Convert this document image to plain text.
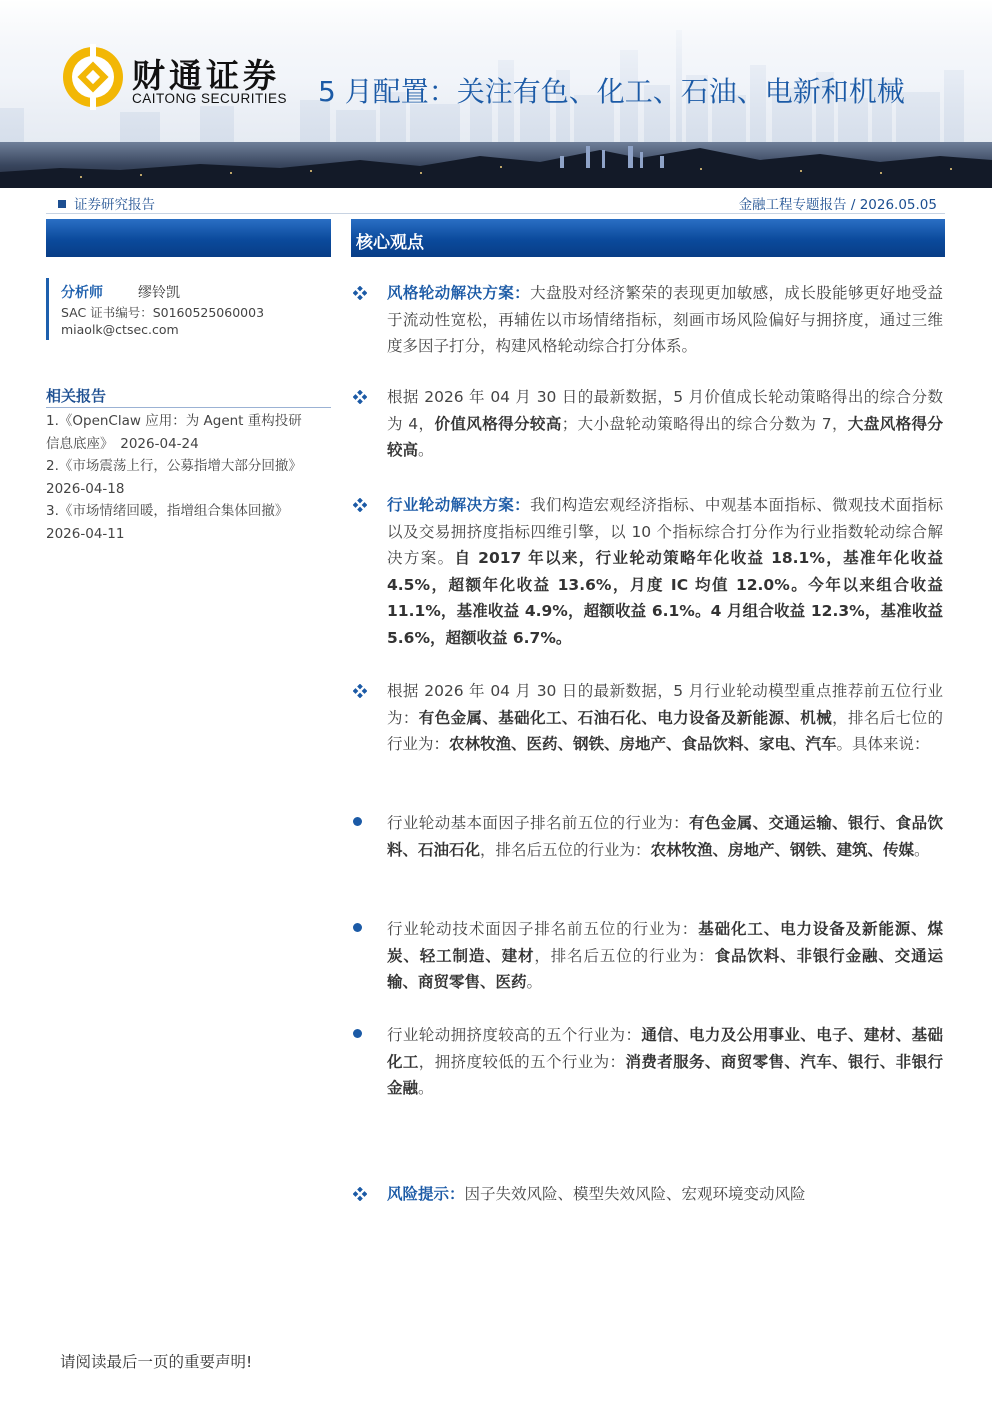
财通证券
CAITONG SECURITIES 5 月配置：关注有色、化工、石油、电新和机械
证券研究报告	金融工程专题报告 / 2026.05.05
分析师	缪铃凯
SAC 证书编号：S0160525060003
miaolk@ctsec.com
相关报告
1.《OpenClaw 应用：为 Agent 重构投研
信息底座》　2026-04-24
2.《市场震荡上行，公募指增大部分回撤》
2026-04-18
3.《市场情绪回暖，指增组合集体回撤》
2026-04-11
核心观点
风格轮动解决方案：大盘股对经济繁荣的表现更加敏感，成长股能够更好地受益于流动性宽松，再辅佐以市场情绪指标，刻画市场风险偏好与拥挤度，通过三维度多因子打分，构建风格轮动综合打分体系。
根据 2026 年 04 月 30 日的最新数据，5 月价值成长轮动策略得出的综合分数为 4，价值风格得分较高；大小盘轮动策略得出的综合分数为 7，大盘风格得分较高。
行业轮动解决方案：我们构造宏观经济指标、中观基本面指标、微观技术面指标以及交易拥挤度指标四维引擎，以 10 个指标综合打分作为行业指数轮动综合解决方案。自 2017 年以来，行业轮动策略年化收益 18.1%，基准年化收益 4.5%，超额年化收益 13.6%，月度 IC 均值 12.0%。今年以来组合收益 11.1%，基准收益 4.9%，超额收益 6.1%。4 月组合收益 12.3%，基准收益 5.6%，超额收益 6.7%。
根据 2026 年 04 月 30 日的最新数据，5 月行业轮动模型重点推荐前五位行业为：有色金属、基础化工、石油石化、电力设备及新能源、机械，排名后七位的行业为：农林牧渔、医药、钢铁、房地产、食品饮料、家电、汽车。具体来说：
行业轮动基本面因子排名前五位的行业为：有色金属、交通运输、银行、食品饮料、石油石化，排名后五位的行业为：农林牧渔、房地产、钢铁、建筑、传媒。
行业轮动技术面因子排名前五位的行业为：基础化工、电力设备及新能源、煤炭、轻工制造、建材，排名后五位的行业为：食品饮料、非银行金融、交通运输、商贸零售、医药。
行业轮动拥挤度较高的五个行业为：通信、电力及公用事业、电子、建材、基础化工，拥挤度较低的五个行业为：消费者服务、商贸零售、汽车、银行、非银行金融。
风险提示：因子失效风险、模型失效风险、宏观环境变动风险
请阅读最后一页的重要声明!
